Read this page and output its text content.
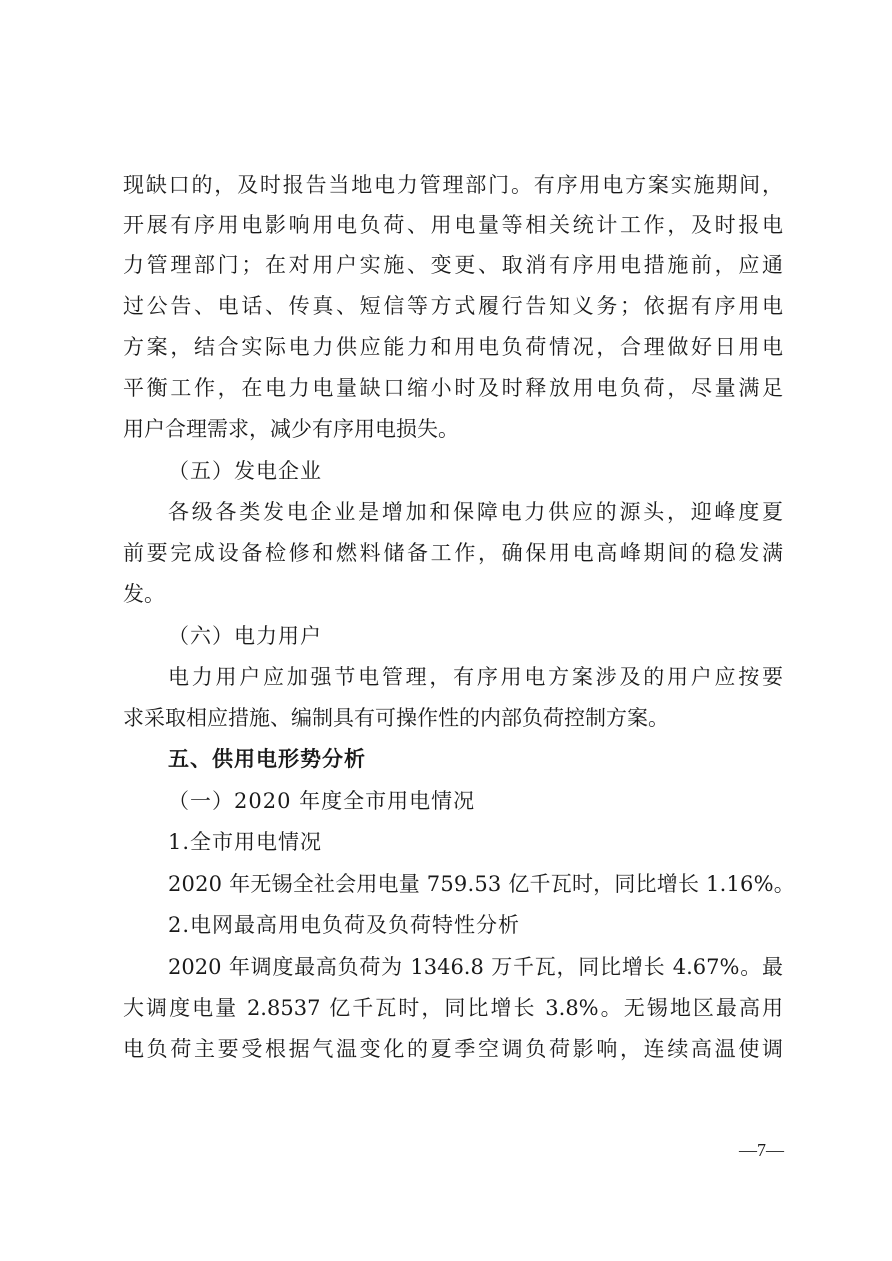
现缺口的，及时报告当地电力管理部门。有序用电方案实施期间，
开展有序用电影响用电负荷、用电量等相关统计工作，及时报电
力管理部门；在对用户实施、变更、取消有序用电措施前，应通
过公告、电话、传真、短信等方式履行告知义务；依据有序用电
方案，结合实际电力供应能力和用电负荷情况，合理做好日用电
平衡工作，在电力电量缺口缩小时及时释放用电负荷，尽量满足
用户合理需求，减少有序用电损失。
（五）发电企业
各级各类发电企业是增加和保障电力供应的源头，迎峰度夏
前要完成设备检修和燃料储备工作，确保用电高峰期间的稳发满
发。
（六）电力用户
电力用户应加强节电管理，有序用电方案涉及的用户应按要
求采取相应措施、编制具有可操作性的内部负荷控制方案。
五、供用电形势分析
（一）2020 年度全市用电情况
1.全市用电情况
2020 年无锡全社会用电量 759.53 亿千瓦时，同比增长 1.16%。
2.电网最高用电负荷及负荷特性分析
2020 年调度最高负荷为 1346.8 万千瓦，同比增长 4.67%。最
大调度电量 2.8537 亿千瓦时，同比增长 3.8%。无锡地区最高用
电负荷主要受根据气温变化的夏季空调负荷影响，连续高温使调
—7—
